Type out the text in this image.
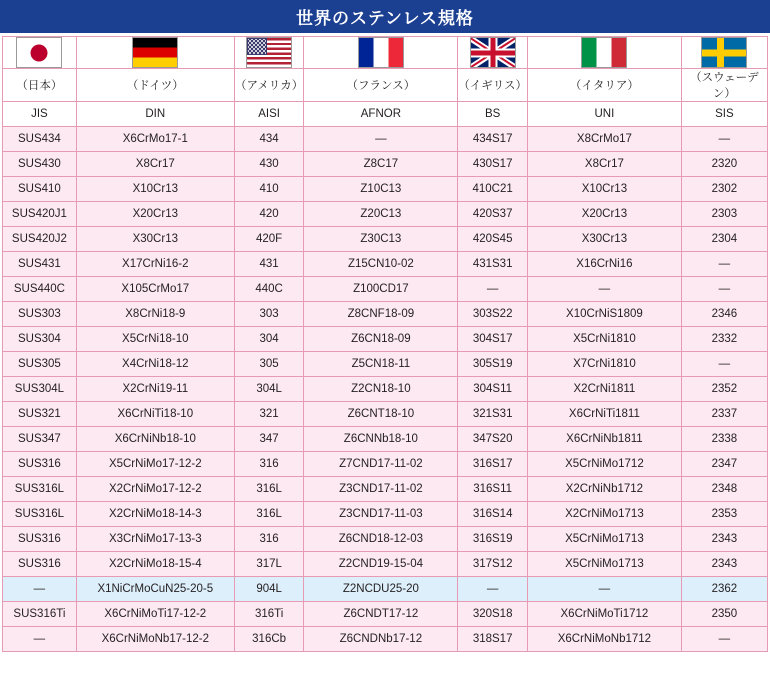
世界のステンレス規格

（日本）	（ドイツ）	（アメリカ）	（フランス）	（イギリス）	（イタリア）	（スウェーデン）
JIS	DIN	AISI	AFNOR	BS	UNI	SIS
SUS434	X6CrMo17-1	434	—	434S17	X8CrMo17	—
SUS430	X8Cr17	430	Z8C17	430S17	X8Cr17	2320
SUS410	X10Cr13	410	Z10C13	410C21	X10Cr13	2302
SUS420J1	X20Cr13	420	Z20C13	420S37	X20Cr13	2303
SUS420J2	X30Cr13	420F	Z30C13	420S45	X30Cr13	2304
SUS431	X17CrNi16-2	431	Z15CN10-02	431S31	X16CrNi16	—
SUS440C	X105CrMo17	440C	Z100CD17	—	—	—
SUS303	X8CrNi18-9	303	Z8CNF18-09	303S22	X10CrNiS1809	2346
SUS304	X5CrNi18-10	304	Z6CN18-09	304S17	X5CrNi1810	2332
SUS305	X4CrNi18-12	305	Z5CN18-11	305S19	X7CrNi1810	—
SUS304L	X2CrNi19-11	304L	Z2CN18-10	304S11	X2CrNi1811	2352
SUS321	X6CrNiTi18-10	321	Z6CNT18-10	321S31	X6CrNiTi1811	2337
SUS347	X6CrNiNb18-10	347	Z6CNNb18-10	347S20	X6CrNiNb1811	2338
SUS316	X5CrNiMo17-12-2	316	Z7CND17-11-02	316S17	X5CrNiMo1712	2347
SUS316L	X2CrNiMo17-12-2	316L	Z3CND17-11-02	316S11	X2CrNiNb1712	2348
SUS316L	X2CrNiMo18-14-3	316L	Z3CND17-11-03	316S14	X2CrNiMo1713	2353
SUS316	X3CrNiMo17-13-3	316	Z6CND18-12-03	316S19	X5CrNiMo1713	2343
SUS316	X2CrNiMo18-15-4	317L	Z2CND19-15-04	317S12	X5CrNiMo1713	2343
—	X1NiCrMoCuN25-20-5	904L	Z2NCDU25-20	—	—	2362
SUS316Ti	X6CrNiMoTi17-12-2	316Ti	Z6CNDT17-12	320S18	X6CrNiMoTi1712	2350
—	X6CrNiMoNb17-12-2	316Cb	Z6CNDNb17-12	318S17	X6CrNiMoNb1712	—
